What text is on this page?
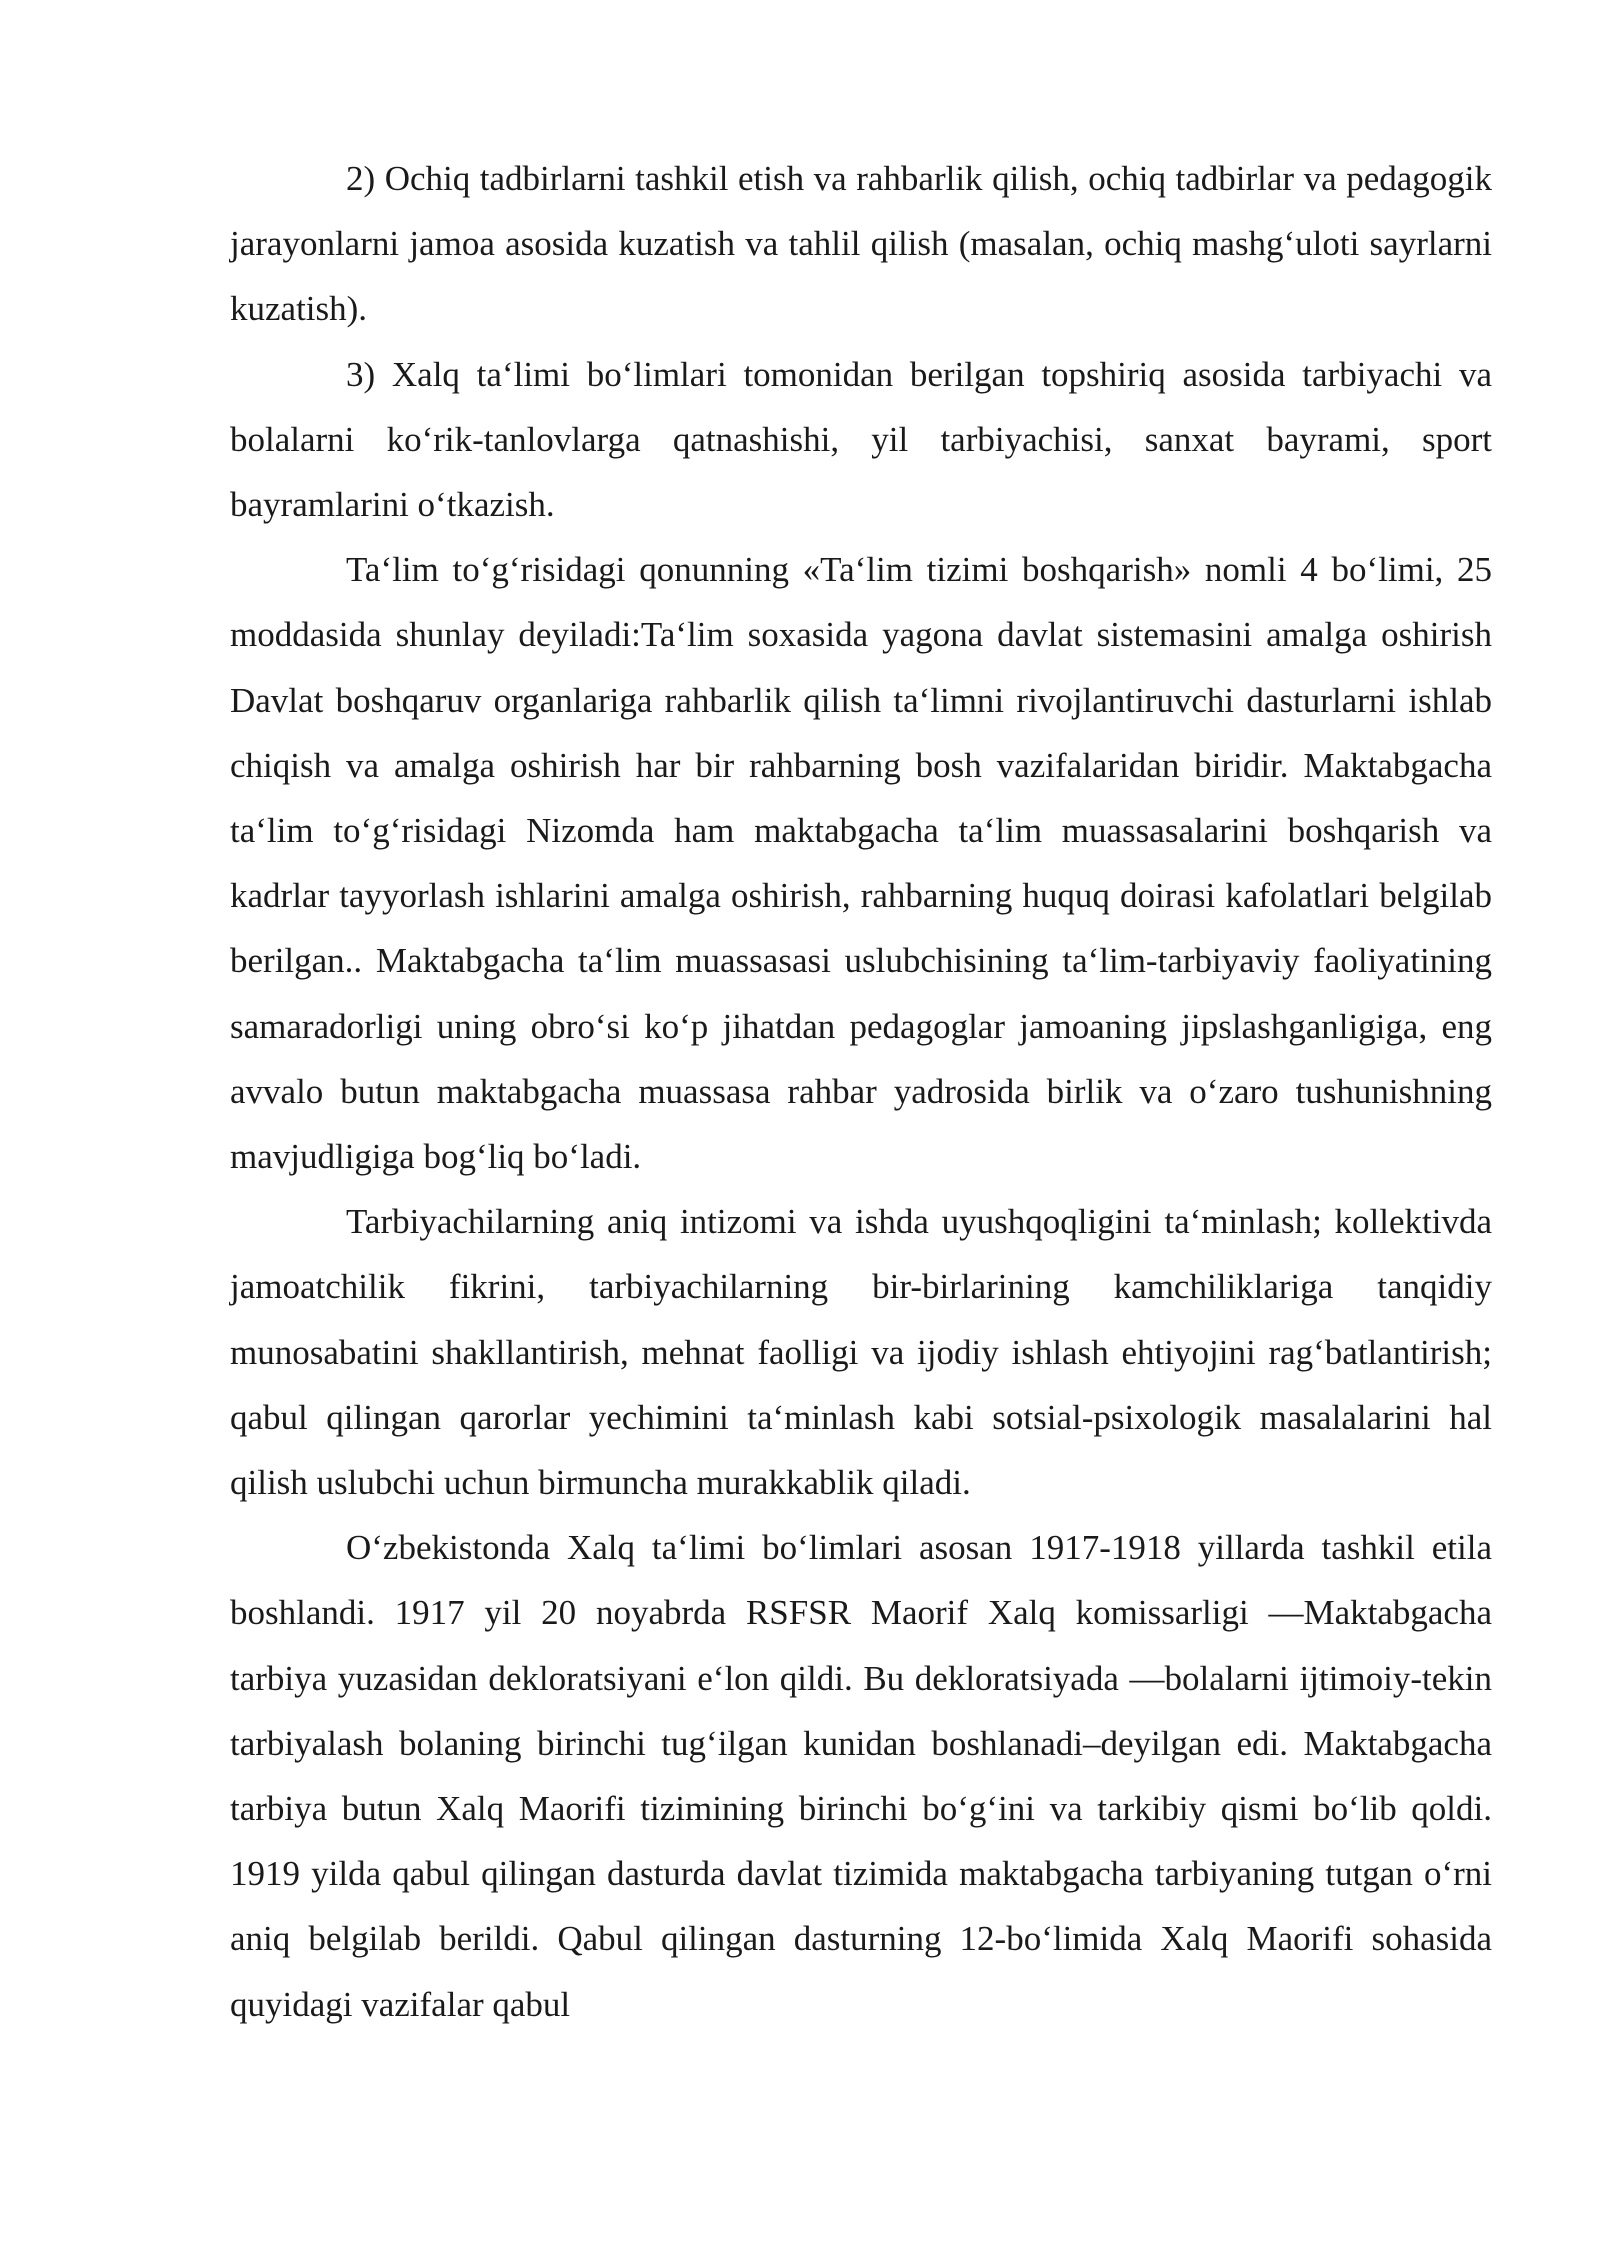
2) Ochiq tadbirlarni tashkil etish va rahbarlik qilish, ochiq tadbirlar va pedagogik jarayonlarni jamoa asosida kuzatish va tahlil qilish (masalan, ochiq mashgʻuloti sayrlarni kuzatish).

3) Xalq taʻlimi boʻlimlari tomonidan berilgan topshiriq asosida tarbiyachi va bolalarni koʻrik-tanlovlarga qatnashishi, yil tarbiyachisi, sanxat bayrami, sport bayramlarini oʻtkazish.

Taʻlim toʻgʻrisidagi qonunning «Taʻlim tizimi boshqarish» nomli 4 boʻlimi, 25 moddasida shunlay deyiladi:Taʻlim soxasida yagona davlat sistemasini amalga oshirish Davlat boshqaruv organlariga rahbarlik qilish taʻlimni rivojlantiruvchi dasturlarni ishlab chiqish va amalga oshirish har bir rahbarning bosh vazifalaridan biridir. Maktabgacha taʻlim toʻgʻrisidagi Nizomda ham maktabgacha taʻlim muassasalarini boshqarish va kadrlar tayyorlash ishlarini amalga oshirish, rahbarning huquq doirasi kafolatlari belgilab berilgan.. Maktabgacha taʻlim muassasasi uslubchisining taʻlim-tarbiyaviy faoliyatining samaradorligi uning obroʻsi koʻp jihatdan pedagoglar jamoaning jipslashganligiga, eng avvalo butun maktabgacha muassasa rahbar yadrosida birlik va oʻzaro tushunishning mavjudligiga bogʻliq boʻladi.

Tarbiyachilarning aniq intizomi va ishda uyushqoqligini taʻminlash; kollektivda jamoatchilik fikrini, tarbiyachilarning bir-birlarining kamchiliklariga tanqidiy munosabatini shakllantirish, mehnat faolligi va ijodiy ishlash ehtiyojini ragʻbatlantirish; qabul qilingan qarorlar yechimini taʻminlash kabi sotsial-psixologik masalalarini hal qilish uslubchi uchun birmuncha murakkablik qiladi.

Oʻzbekistonda Xalq taʻlimi boʻlimlari asosan 1917-1918 yillarda tashkil etila boshlandi. 1917 yil 20 noyabrda RSFSR Maorif Xalq komissarligi ―Maktabgacha tarbiya yuzasidan dekloratsiyani eʻlon qildi. Bu dekloratsiyada ―bolalarni ijtimoiy-tekin tarbiyalash bolaning birinchi tugʻilgan kunidan boshlanadi–deyilgan edi. Maktabgacha tarbiya butun Xalq Maorifi tizimining birinchi boʻgʻini va tarkibiy qismi boʻlib qoldi. 1919 yilda qabul qilingan dasturda davlat tizimida maktabgacha tarbiyaning tutgan oʻrni aniq belgilab berildi. Qabul qilingan dasturning 12-boʻlimida Xalq Maorifi sohasida quyidagi vazifalar qabul
